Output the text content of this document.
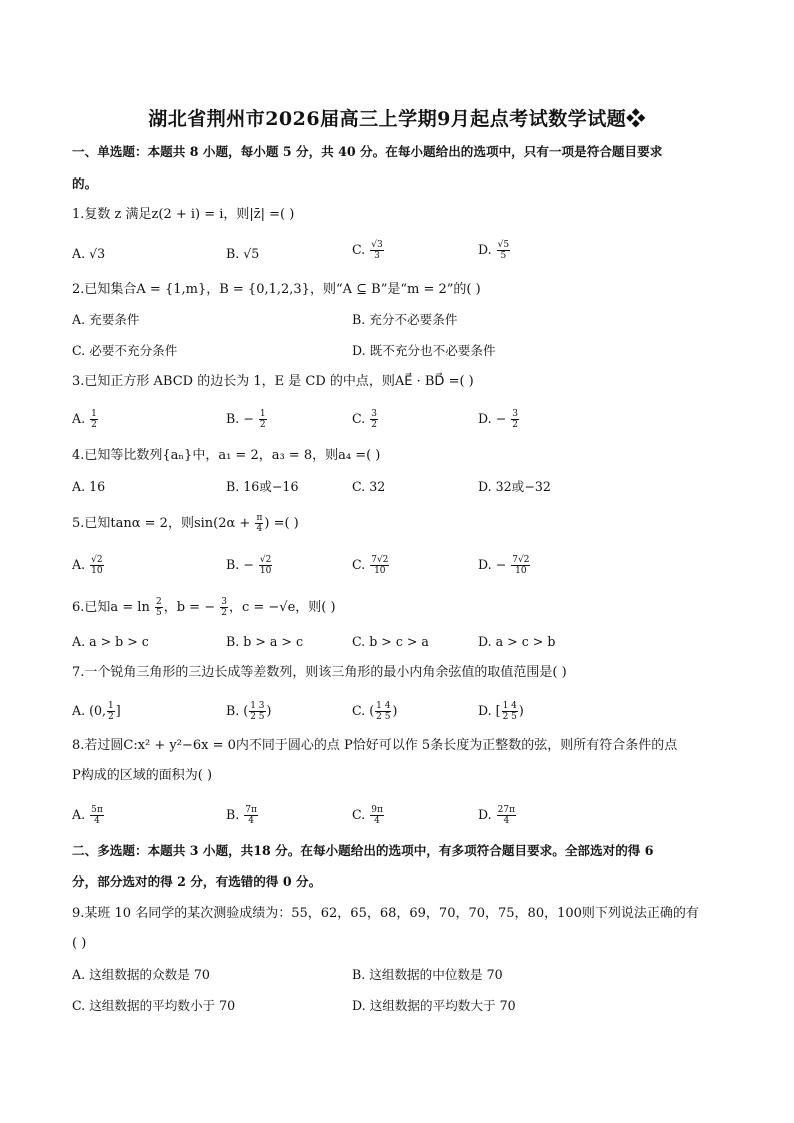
湖北省荆州市2026届高三上学期9月起点考试数学试题❖
一、单选题：本题共 8 小题，每小题 5 分，共 40 分。在每小题给出的选项中，只有一项是符合题目要求
的。
1.复数 z 满足z(2 + i) = i，则|z̄| =( )
A. √3	B. √5	C. $\frac{√3}{3}$	D. $\frac{√5}{5}$
2.已知集合A = {1,m}，B = {0,1,2,3}，则“A ⊆ B”是“m = 2”的( )
A. 充要条件	B. 充分不必要条件
C. 必要不充分条件	D. 既不充分也不必要条件
3.已知正方形 ABCD 的边长为 1，E 是 CD 的中点，则AE⃗ · BD⃗ =( )
A. $\frac{1}{2}$	B. − $\frac{1}{2}$	C. $\frac{3}{2}$	D. − $\frac{3}{2}$
4.已知等比数列{aₙ}中，a₁ = 2，a₃ = 8，则a₄ =( )
A. 16	B. 16或−16	C. 32	D. 32或−32
5.已知tanα = 2，则$\sin(2\alpha + \frac{\pi}{4}$ ) =( )
A. $\frac{√2}{10}$	B. − $\frac{√2}{10}$	C. $\frac{7√2}{10}$	D. − $\frac{7√2}{10}$
6.已知$a = \ln \frac{2}{5}$ ，b = − $\frac{3}{2}$ ，c = −√e，则( )
A. a > b > c	B. b > a > c	C. b > c > a	D. a > c > b
7.一个锐角三角形的三边长成等差数列，则该三角形的最小内角余弦值的取值范围是( )
A. (0, $\frac{1}{2}$ ]	B. ( $\frac{1 3}{2 5}$ )	C. ( $\frac{1 4}{2 5}$ )	D. [ $\frac{1 4}{2 5}$ )
8.若过圆C:x² + y²−6x = 0内不同于圆心的点 P恰好可以作 5条长度为正整数的弦，则所有符合条件的点
P构成的区域的面积为( )
A. $\frac{5\pi}{4}$	B. $\frac{7\pi}{4}$	C. $\frac{9\pi}{4}$	D. $\frac{27\pi}{4}$
二、多选题：本题共 3 小题，共18 分。在每小题给出的选项中，有多项符合题目要求。全部选对的得 6
分，部分选对的得 2 分，有选错的得 0 分。
9.某班 10 名同学的某次测验成绩为：55，62，65，68，69，70，70，75，80，100则下列说法正确的有
( )
A. 这组数据的众数是 70	B. 这组数据的中位数是 70
C. 这组数据的平均数小于 70	D. 这组数据的平均数大于 70
